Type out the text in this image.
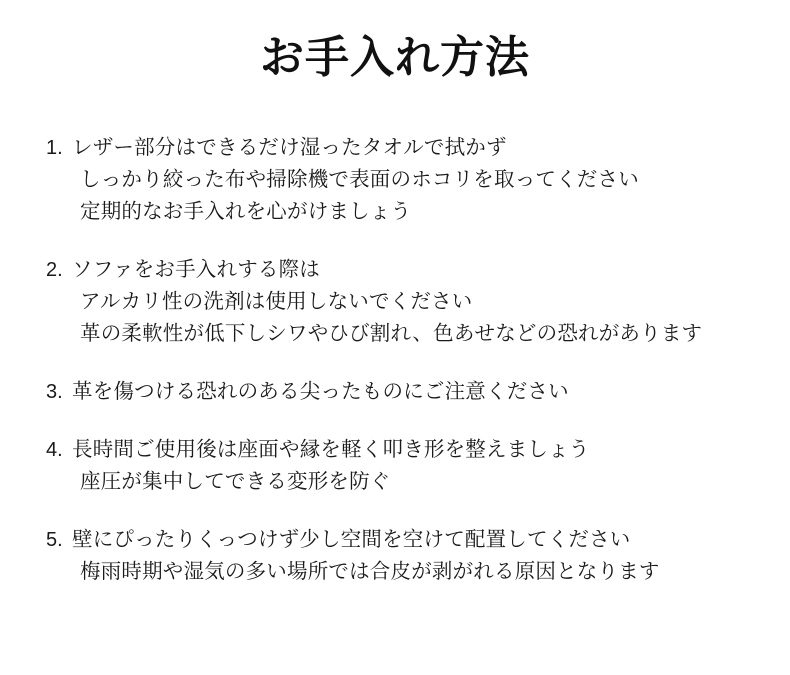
お手入れ方法
1. レザー部分はできるだけ湿ったタオルで拭かず
しっかり絞った布や掃除機で表面のホコリを取ってください
定期的なお手入れを心がけましょう
2. ソファをお手入れする際は
アルカリ性の洗剤は使用しないでください
革の柔軟性が低下しシワやひび割れ、色あせなどの恐れがあります
3. 革を傷つける恐れのある尖ったものにご注意ください
4. 長時間ご使用後は座面や縁を軽く叩き形を整えましょう
座圧が集中してできる変形を防ぐ
5. 壁にぴったりくっつけず少し空間を空けて配置してください
梅雨時期や湿気の多い場所では合皮が剥がれる原因となります
